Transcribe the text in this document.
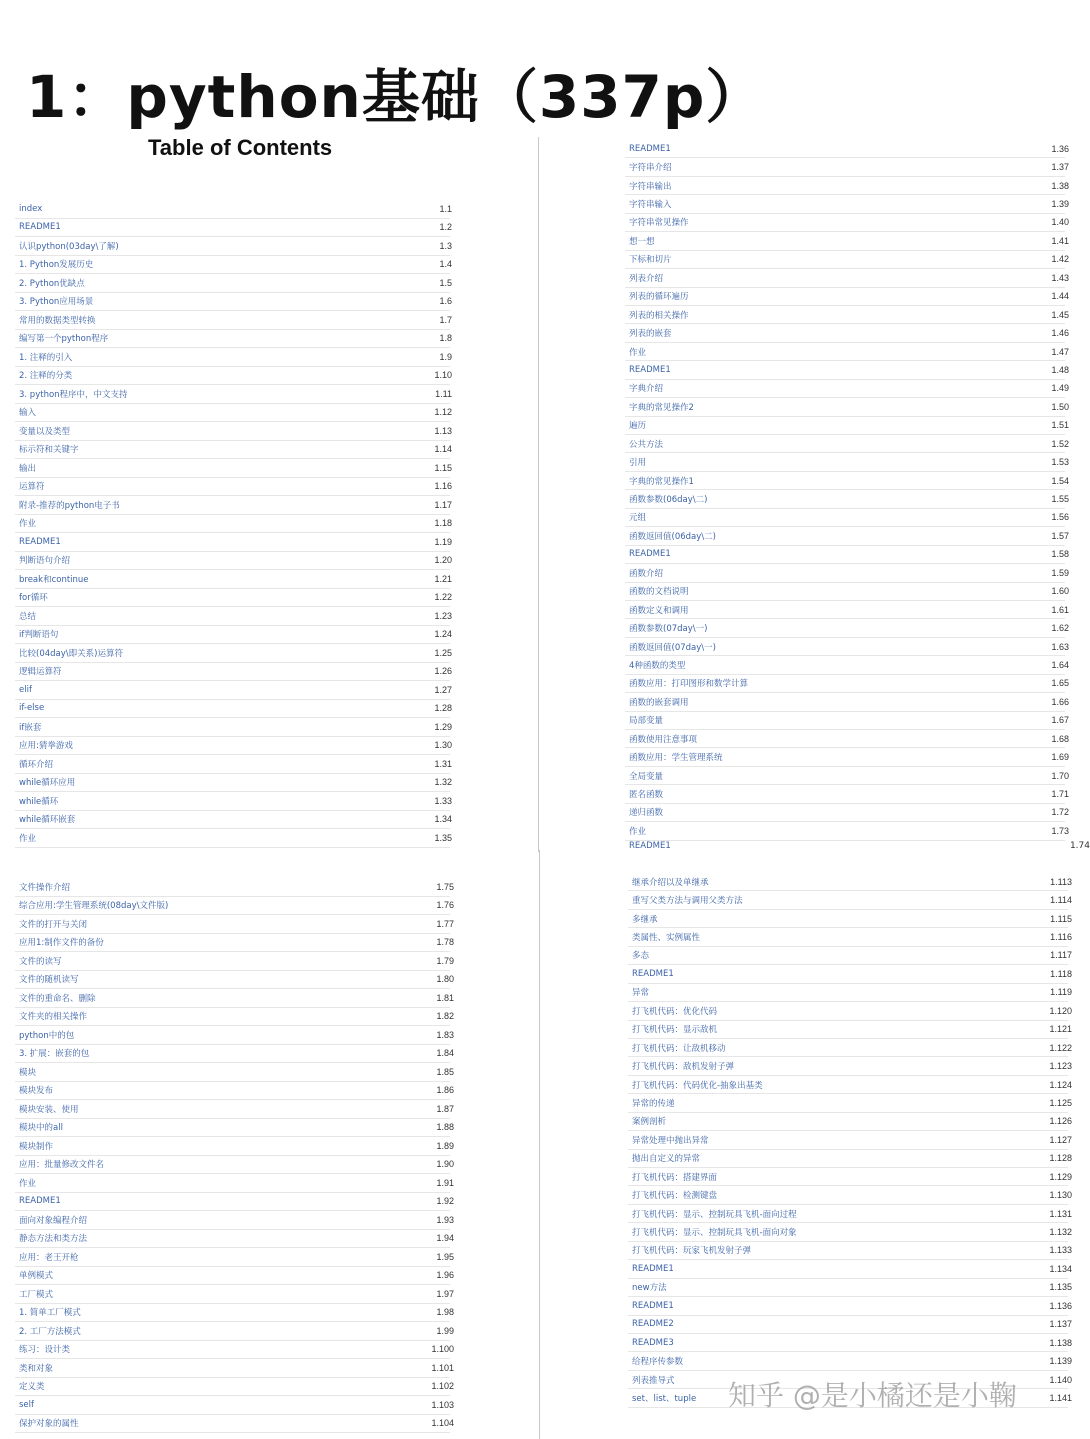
1：python基础（337p）
Table of Contents
index	1.1
README1	1.2
认识python(03day\了解)	1.3
1. Python发展历史	1.4
2. Python优缺点	1.5
3. Python应用场景	1.6
常用的数据类型转换	1.7
编写第一个python程序	1.8
1. 注释的引入	1.9
2. 注释的分类	1.10
3. python程序中，中文支持	1.11
输入	1.12
变量以及类型	1.13
标示符和关键字	1.14
输出	1.15
运算符	1.16
附录-推荐的python电子书	1.17
作业	1.18
README1	1.19
判断语句介绍	1.20
break和continue	1.21
for循环	1.22
总结	1.23
if判断语句	1.24
比较(04day\即关系)运算符	1.25
逻辑运算符	1.26
elif	1.27
if-else	1.28
if嵌套	1.29
应用:猜拳游戏	1.30
循环介绍	1.31
while循环应用	1.32
while循环	1.33
while循环嵌套	1.34
作业	1.35
README1	1.36
字符串介绍	1.37
字符串输出	1.38
字符串输入	1.39
字符串常见操作	1.40
想一想	1.41
下标和切片	1.42
列表介绍	1.43
列表的循环遍历	1.44
列表的相关操作	1.45
列表的嵌套	1.46
作业	1.47
README1	1.48
字典介绍	1.49
字典的常见操作2	1.50
遍历	1.51
公共方法	1.52
引用	1.53
字典的常见操作1	1.54
函数参数(06day\二)	1.55
元组	1.56
函数返回值(06day\二)	1.57
README1	1.58
函数介绍	1.59
函数的文档说明	1.60
函数定义和调用	1.61
函数参数(07day\一)	1.62
函数返回值(07day\一)	1.63
4种函数的类型	1.64
函数应用：打印图形和数学计算	1.65
函数的嵌套调用	1.66
局部变量	1.67
函数使用注意事项	1.68
函数应用：学生管理系统	1.69
全局变量	1.70
匿名函数	1.71
递归函数	1.72
作业	1.73
README1	1.74
文件操作介绍	1.75
综合应用:学生管理系统(08day\文件版)	1.76
文件的打开与关闭	1.77
应用1:制作文件的备份	1.78
文件的读写	1.79
文件的随机读写	1.80
文件的重命名、删除	1.81
文件夹的相关操作	1.82
python中的包	1.83
3. 扩展：嵌套的包	1.84
模块	1.85
模块发布	1.86
模块安装、使用	1.87
模块中的all	1.88
模块制作	1.89
应用：批量修改文件名	1.90
作业	1.91
README1	1.92
面向对象编程介绍	1.93
静态方法和类方法	1.94
应用：老王开枪	1.95
单例模式	1.96
工厂模式	1.97
1. 简单工厂模式	1.98
2. 工厂方法模式	1.99
练习：设计类	1.100
类和对象	1.101
定义类	1.102
self	1.103
保护对象的属性	1.104
继承介绍以及单继承	1.113
重写父类方法与调用父类方法	1.114
多继承	1.115
类属性、实例属性	1.116
多态	1.117
README1	1.118
异常	1.119
打飞机代码：优化代码	1.120
打飞机代码：显示敌机	1.121
打飞机代码：让敌机移动	1.122
打飞机代码：敌机发射子弹	1.123
打飞机代码：代码优化-抽象出基类	1.124
异常的传递	1.125
案例剖析	1.126
异常处理中抛出异常	1.127
抛出自定义的异常	1.128
打飞机代码：搭建界面	1.129
打飞机代码：检测键盘	1.130
打飞机代码：显示、控制玩具飞机-面向过程	1.131
打飞机代码：显示、控制玩具飞机-面向对象	1.132
打飞机代码：玩家飞机发射子弹	1.133
README1	1.134
new方法	1.135
README1	1.136
README2	1.137
README3	1.138
给程序传参数	1.139
列表推导式	1.140
set、list、tuple	1.141
知乎 @是小橘还是小鞠
